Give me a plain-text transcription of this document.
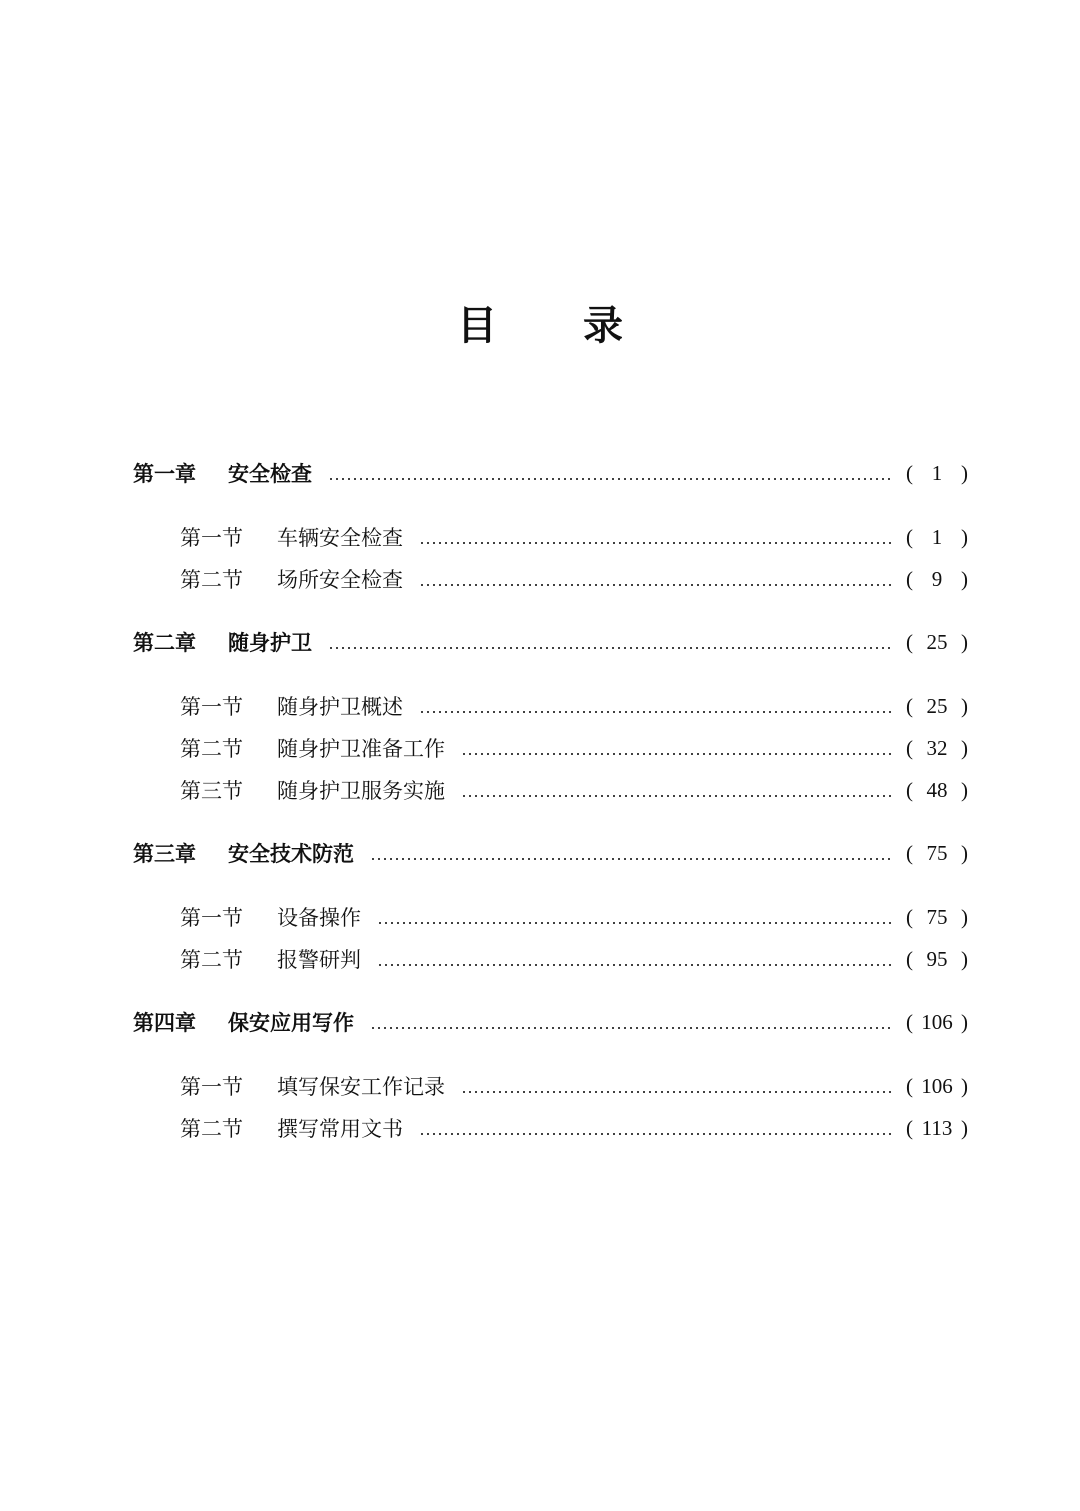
目 录
第一章	安全检查	( 1 )
第一节	车辆安全检查	( 1 )
第二节	场所安全检查	( 9 )
第二章	随身护卫	( 25 )
第一节	随身护卫概述	( 25 )
第二节	随身护卫准备工作	( 32 )
第三节	随身护卫服务实施	( 48 )
第三章	安全技术防范	( 75 )
第一节	设备操作	( 75 )
第二节	报警研判	( 95 )
第四章	保安应用写作	( 106 )
第一节	填写保安工作记录	( 106 )
第二节	撰写常用文书	( 113 )
